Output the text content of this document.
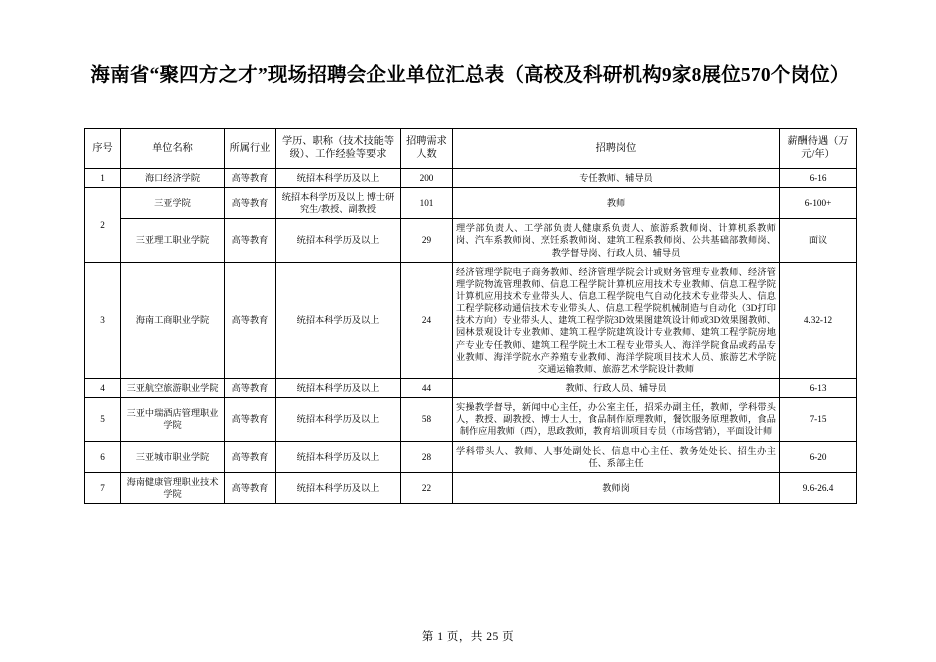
海南省“聚四方之才”现场招聘会企业单位汇总表（高校及科研机构9家8展位570个岗位）
序号	单位名称	所属行业	学历、职称（技术技能等级）、工作经验等要求	招聘需求人数	招聘岗位	薪酬待遇（万元/年）
1	海口经济学院	高等教育	统招本科学历及以上	200	专任教师、辅导员	6-16
2	三亚学院	高等教育	统招本科学历及以上 博士研究生/教授、副教授	101	教师	6-100+
	三亚理工职业学院	高等教育	统招本科学历及以上	29	理学部负责人、工学部负责人健康系负责人、旅游系教师岗、计算机系教师岗、汽车系教师岗、烹饪系教师岗、建筑工程系教师岗、公共基础部教师岗、教学督导岗、行政人员、辅导员	面议
3	海南工商职业学院	高等教育	统招本科学历及以上	24	经济管理学院电子商务教师、经济管理学院会计或财务管理专业教师、经济管理学院物流管理教师、信息工程学院计算机应用技术专业教师、信息工程学院计算机应用技术专业带头人、信息工程学院电气自动化技术专业带头人、信息工程学院移动通信技术专业带头人、信息工程学院机械制造与自动化（3D打印技术方向）专业带头人、建筑工程学院3D效果图建筑设计师或3D效果图教师、园林景观设计专业教师、建筑工程学院建筑设计专业教师、建筑工程学院房地产专业专任教师、建筑工程学院土木工程专业带头人、海洋学院食品或药品专业教师、海洋学院水产养殖专业教师、海洋学院项目技术人员、旅游艺术学院交通运输教师、旅游艺术学院设计教师	4.32-12
4	三亚航空旅游职业学院	高等教育	统招本科学历及以上	44	教师、行政人员、辅导员	6-13
5	三亚中瑞酒店管理职业学院	高等教育	统招本科学历及以上	58	实操教学督导，新闻中心主任，办公室主任，招采办副主任，教师，学科带头人，教授、副教授、博士人士，食品制作原理教师，餐饮服务原理教师，食品制作应用教师（西），思政教师，教育培训项目专员（市场营销），平面设计师	7-15
6	三亚城市职业学院	高等教育	统招本科学历及以上	28	学科带头人、教师、人事处副处长、信息中心主任、教务处处长、招生办主任、系部主任	6-20
7	海南健康管理职业技术学院	高等教育	统招本科学历及以上	22	教师岗	9.6-26.4
第 1 页，共 25 页
